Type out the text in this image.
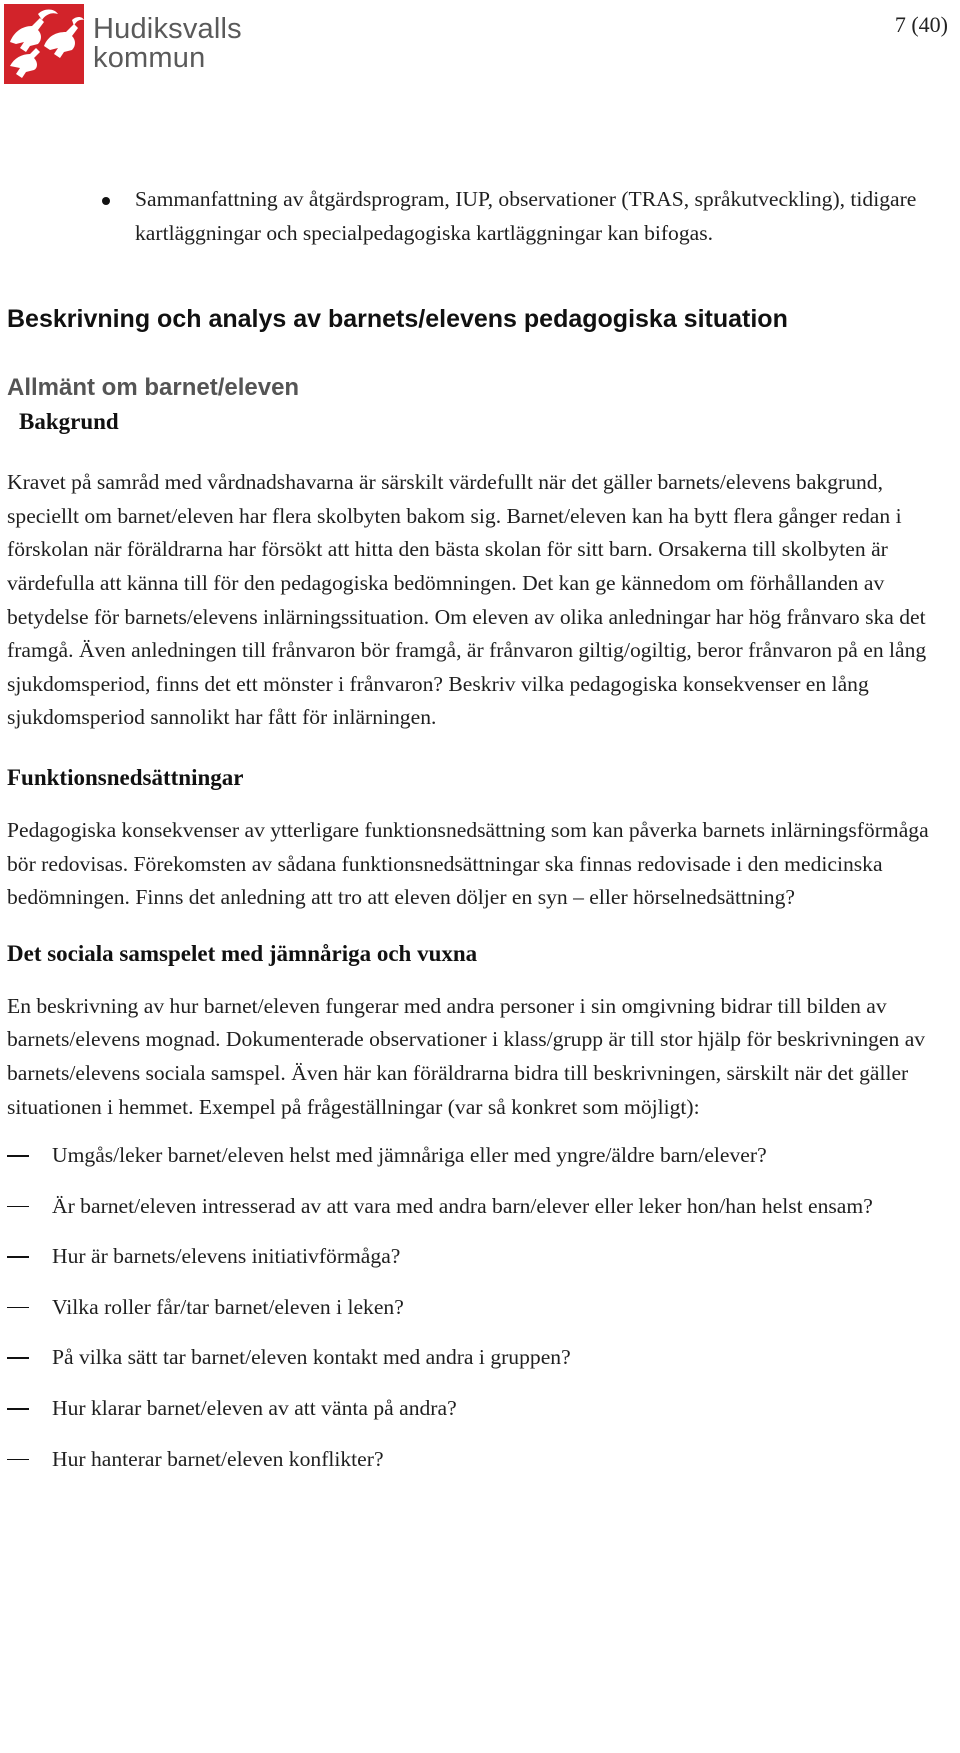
Hudiksvalls
kommun
7 (40)

Sammanfattning av åtgärdsprogram, IUP, observationer (TRAS, språkutveckling), tidigare kartläggningar och specialpedagogiska kartläggningar kan bifogas.

Beskrivning och analys av barnets/elevens pedagogiska situation
Allmänt om barnet/eleven
Bakgrund

Kravet på samråd med vårdnadshavarna är särskilt värdefullt när det gäller barnets/elevens bakgrund, speciellt om barnet/eleven har flera skolbyten bakom sig. Barnet/eleven kan ha bytt flera gånger redan i förskolan när föräldrarna har försökt att hitta den bästa skolan för sitt barn. Orsakerna till skolbyten är värdefulla att känna till för den pedagogiska bedömningen. Det kan ge kännedom om förhållanden av betydelse för barnets/elevens inlärningssituation. Om eleven av olika anledningar har hög frånvaro ska det framgå. Även anledningen till frånvaron bör framgå, är frånvaron giltig/ogiltig, beror frånvaron på en lång sjukdomsperiod, finns det ett mönster i frånvaron? Beskriv vilka pedagogiska konsekvenser en lång sjukdomsperiod sannolikt har fått för inlärningen.

Funktionsnedsättningar

Pedagogiska konsekvenser av ytterligare funktionsnedsättning som kan påverka barnets inlärningsförmåga bör redovisas. Förekomsten av sådana funktionsnedsättningar ska finnas redovisade i den medicinska bedömningen. Finns det anledning att tro att eleven döljer en syn – eller hörselnedsättning?

Det sociala samspelet med jämnåriga och vuxna

En beskrivning av hur barnet/eleven fungerar med andra personer i sin omgivning bidrar till bilden av barnets/elevens mognad. Dokumenterade observationer i klass/grupp är till stor hjälp för beskrivningen av barnets/elevens sociala samspel. Även här kan föräldrarna bidra till beskrivningen, särskilt när det gäller situationen i hemmet. Exempel på frågeställningar (var så konkret som möjligt):

Umgås/leker barnet/eleven helst med jämnåriga eller med yngre/äldre barn/elever?
Är barnet/eleven intresserad av att vara med andra barn/elever eller leker hon/han helst ensam?
Hur är barnets/elevens initiativförmåga?
Vilka roller får/tar barnet/eleven i leken?
På vilka sätt tar barnet/eleven kontakt med andra i gruppen?
Hur klarar barnet/eleven av att vänta på andra?
Hur hanterar barnet/eleven konflikter?
